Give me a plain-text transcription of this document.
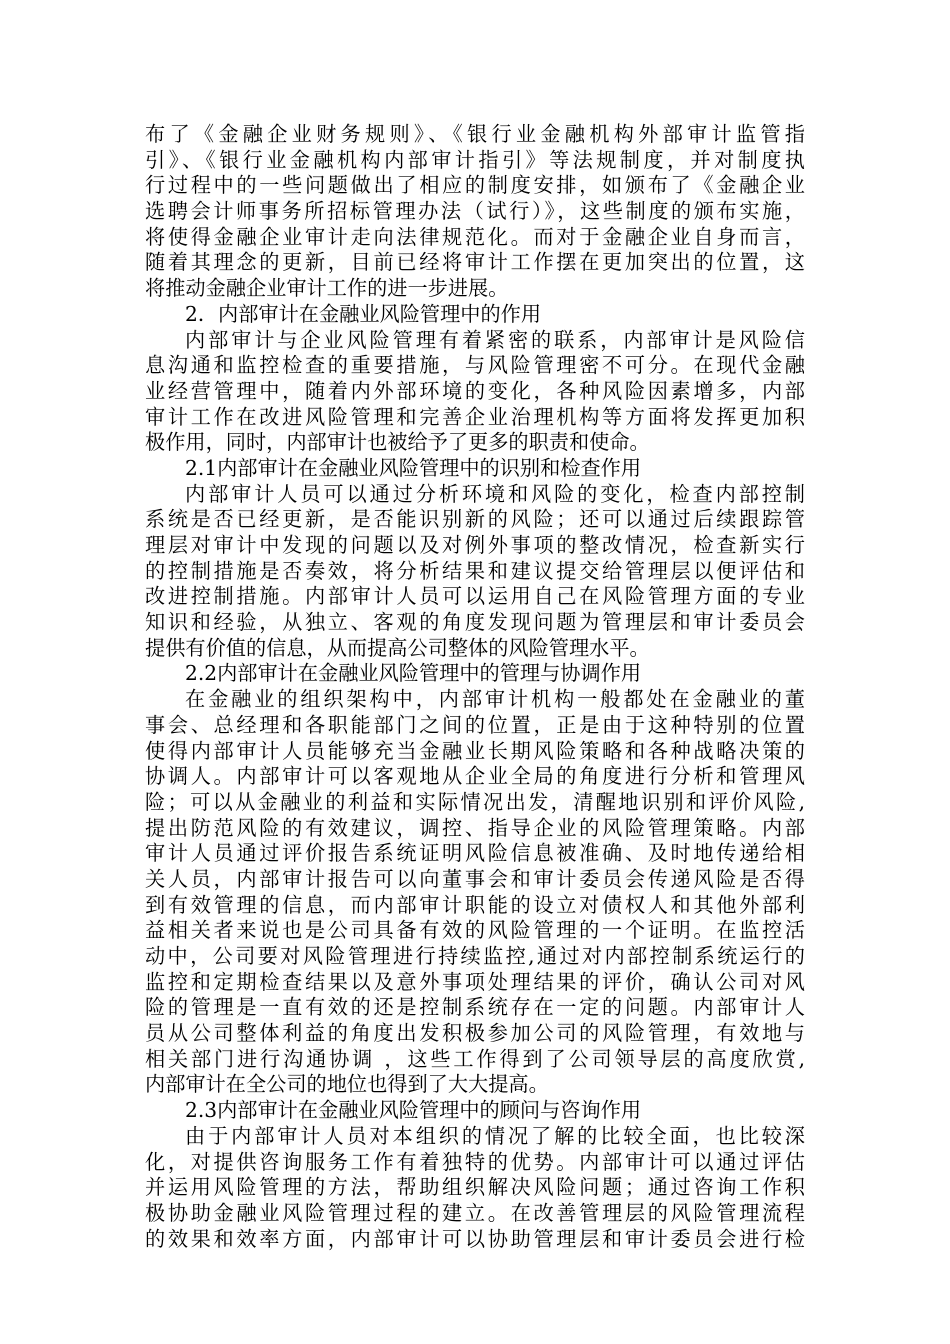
布了《金融企业财务规则》、《银行业金融机构外部审计监管指
引》、《银行业金融机构内部审计指引》等法规制度，并对制度执
行过程中的一些问题做出了相应的制度安排，如颁布了《金融企业
选聘会计师事务所招标管理办法（试行）》，这些制度的颁布实施，
将使得金融企业审计走向法律规范化。而对于金融企业自身而言，
随着其理念的更新，目前已经将审计工作摆在更加突出的位置，这
将推动金融企业审计工作的进一步进展。
2．内部审计在金融业风险管理中的作用
内部审计与企业风险管理有着紧密的联系，内部审计是风险信
息沟通和监控检查的重要措施，与风险管理密不可分。在现代金融
业经营管理中，随着内外部环境的变化，各种风险因素增多，内部
审计工作在改进风险管理和完善企业治理机构等方面将发挥更加积
极作用，同时，内部审计也被给予了更多的职责和使命。
2.1内部审计在金融业风险管理中的识别和检查作用
内部审计人员可以通过分析环境和风险的变化，检查内部控制
系统是否已经更新，是否能识别新的风险；还可以通过后续跟踪管
理层对审计中发现的问题以及对例外事项的整改情况，检查新实行
的控制措施是否奏效，将分析结果和建议提交给管理层以便评估和
改进控制措施。内部审计人员可以运用自己在风险管理方面的专业
知识和经验，从独立、客观的角度发现问题为管理层和审计委员会
提供有价值的信息，从而提高公司整体的风险管理水平。
2.2内部审计在金融业风险管理中的管理与协调作用
在金融业的组织架构中，内部审计机构一般都处在金融业的董
事会、总经理和各职能部门之间的位置，正是由于这种特别的位置
使得内部审计人员能够充当金融业长期风险策略和各种战略决策的
协调人。内部审计可以客观地从企业全局的角度进行分析和管理风
险；可以从金融业的利益和实际情况出发，清醒地识别和评价风险,
提出防范风险的有效建议，调控、指导企业的风险管理策略。内部
审计人员通过评价报告系统证明风险信息被准确、及时地传递给相
关人员，内部审计报告可以向董事会和审计委员会传递风险是否得
到有效管理的信息，而内部审计职能的设立对债权人和其他外部利
益相关者来说也是公司具备有效的风险管理的一个证明。在监控活
动中，公司要对风险管理进行持续监控,通过对内部控制系统运行的
监控和定期检查结果以及意外事项处理结果的评价，确认公司对风
险的管理是一直有效的还是控制系统存在一定的问题。内部审计人
员从公司整体利益的角度出发积极参加公司的风险管理，有效地与
相关部门进行沟通协调 ，这些工作得到了公司领导层的高度欣赏,
内部审计在全公司的地位也得到了大大提高。
2.3内部审计在金融业风险管理中的顾问与咨询作用
由于内部审计人员对本组织的情况了解的比较全面，也比较深
化，对提供咨询服务工作有着独特的优势。内部审计可以通过评估
并运用风险管理的方法，帮助组织解决风险问题；通过咨询工作积
极协助金融业风险管理过程的建立。在改善管理层的风险管理流程
的效果和效率方面，内部审计可以协助管理层和审计委员会进行检
